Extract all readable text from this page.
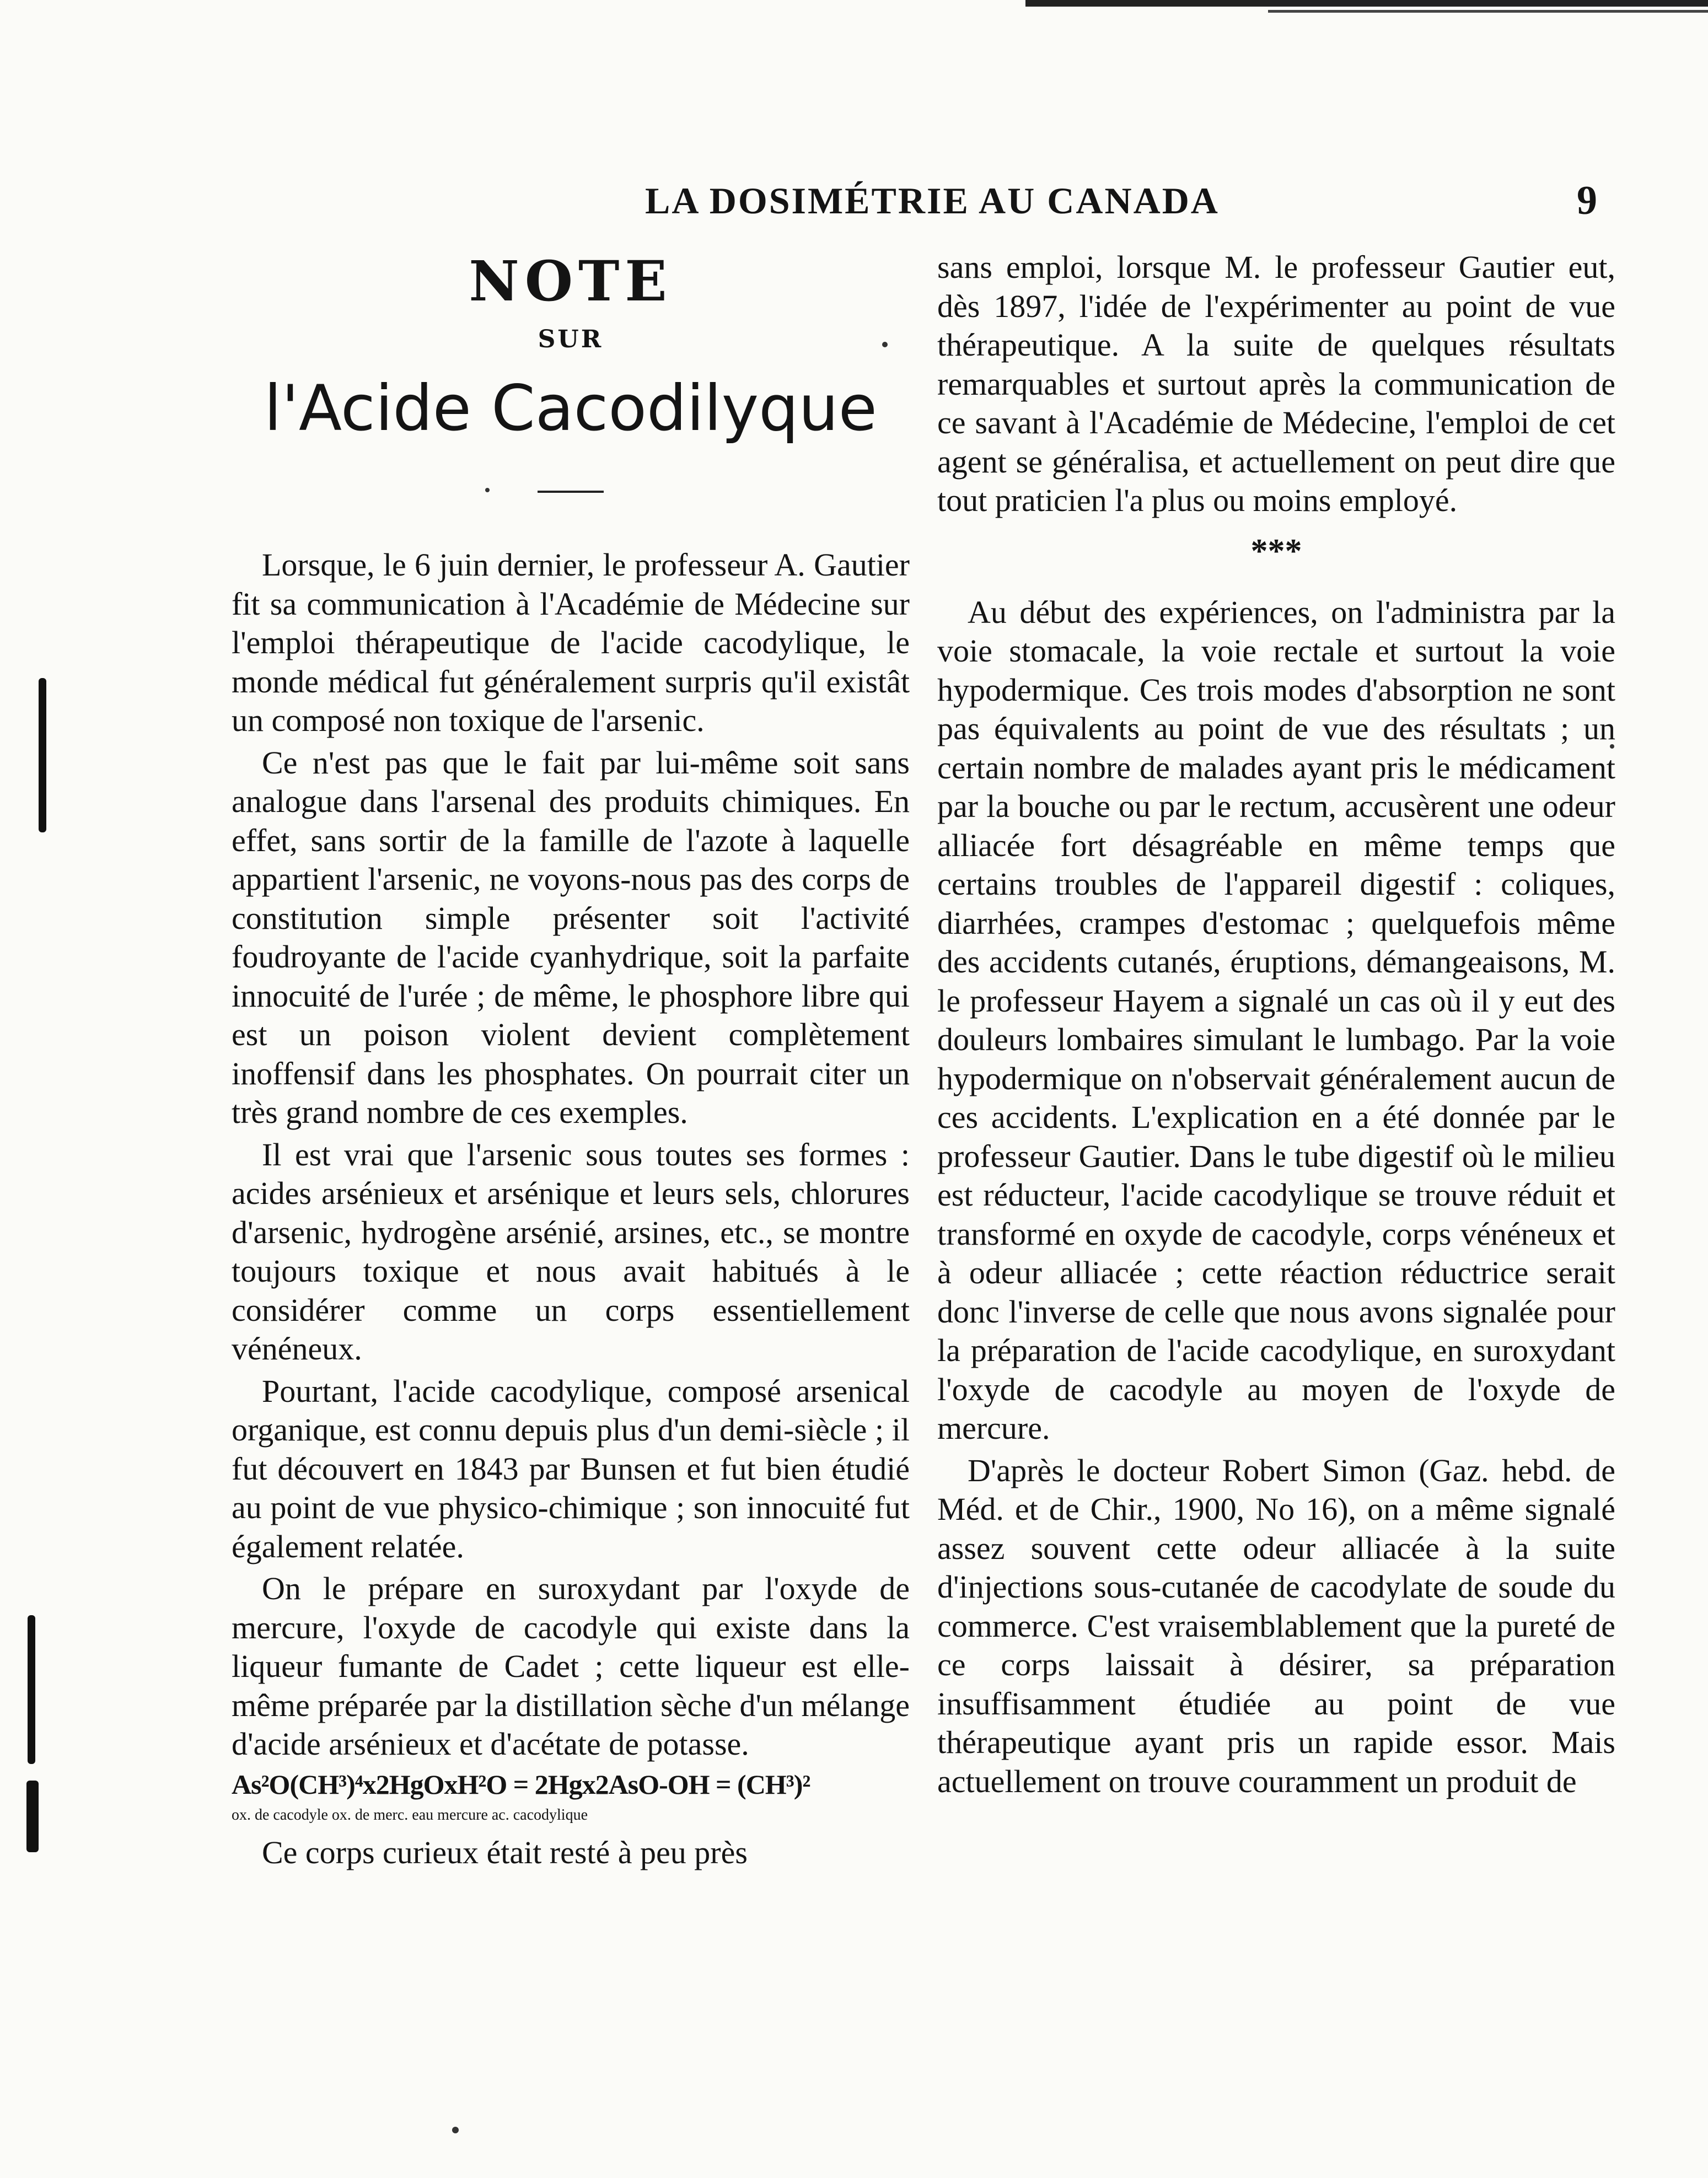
LA DOSIMÉTRIE AU CANADA	9
NOTE
SUR
l'Acide Cacodilyque

Lorsque, le 6 juin dernier, le professeur A. Gautier fit sa communication à l'Académie de Médecine sur l'emploi thérapeutique de l'acide cacodylique, le monde médical fut généralement surpris qu'il existât un composé non toxique de l'arsenic.

Ce n'est pas que le fait par lui-même soit sans analogue dans l'arsenal des produits chimiques. En effet, sans sortir de la famille de l'azote à laquelle appartient l'arsenic, ne voyons-nous pas des corps de constitution simple présenter soit l'activité foudroyante de l'acide cyanhydrique, soit la parfaite innocuité de l'urée ; de même, le phosphore libre qui est un poison violent devient complètement inoffensif dans les phosphates. On pourrait citer un très grand nombre de ces exemples.

Il est vrai que l'arsenic sous toutes ses formes : acides arsénieux et arsénique et leurs sels, chlorures d'arsenic, hydrogène arsénié, arsines, etc., se montre toujours toxique et nous avait habitués à le considérer comme un corps essentiellement vénéneux.

Pourtant, l'acide cacodylique, composé arsenical organique, est connu depuis plus d'un demi-siècle ; il fut découvert en 1843 par Bunsen et fut bien étudié au point de vue physico-chimique ; son innocuité fut également relatée.

On le prépare en suroxydant par l'oxyde de mercure, l'oxyde de cacodyle qui existe dans la liqueur fumante de Cadet ; cette liqueur est elle-même préparée par la distillation sèche d'un mélange d'acide arsénieux et d'acétate de potasse.

As²O(CH³)⁴x2HgOxH²O = 2Hgx2AsO-OH = (CH³)²
ox. de cacodyle ox. de merc. eau mercure ac. cacodylique

Ce corps curieux était resté à peu près

sans emploi, lorsque M. le professeur Gautier eut, dès 1897, l'idée de l'expérimenter au point de vue thérapeutique. A la suite de quelques résultats remarquables et surtout après la communication de ce savant à l'Académie de Médecine, l'emploi de cet agent se généralisa, et actuellement on peut dire que tout praticien l'a plus ou moins employé.

***

Au début des expériences, on l'administra par la voie stomacale, la voie rectale et surtout la voie hypodermique. Ces trois modes d'absorption ne sont pas équivalents au point de vue des résultats ; un certain nombre de malades ayant pris le médicament par la bouche ou par le rectum, accusèrent une odeur alliacée fort désagréable en même temps que certains troubles de l'appareil digestif : coliques, diarrhées, crampes d'estomac ; quelquefois même des accidents cutanés, éruptions, démangeaisons, M. le professeur Hayem a signalé un cas où il y eut des douleurs lombaires simulant le lumbago. Par la voie hypodermique on n'observait généralement aucun de ces accidents. L'explication en a été donnée par le professeur Gautier. Dans le tube digestif où le milieu est réducteur, l'acide cacodylique se trouve réduit et transformé en oxyde de cacodyle, corps vénéneux et à odeur alliacée ; cette réaction réductrice serait donc l'inverse de celle que nous avons signalée pour la préparation de l'acide cacodylique, en suroxydant l'oxyde de cacodyle au moyen de l'oxyde de mercure.

D'après le docteur Robert Simon (Gaz. hebd. de Méd. et de Chir., 1900, No 16), on a même signalé assez souvent cette odeur alliacée à la suite d'injections sous-cutanée de cacodylate de soude du commerce. C'est vraisemblablement que la pureté de ce corps laissait à désirer, sa préparation insuffisamment étudiée au point de vue thérapeutique ayant pris un rapide essor. Mais actuellement on trouve couramment un produit de
